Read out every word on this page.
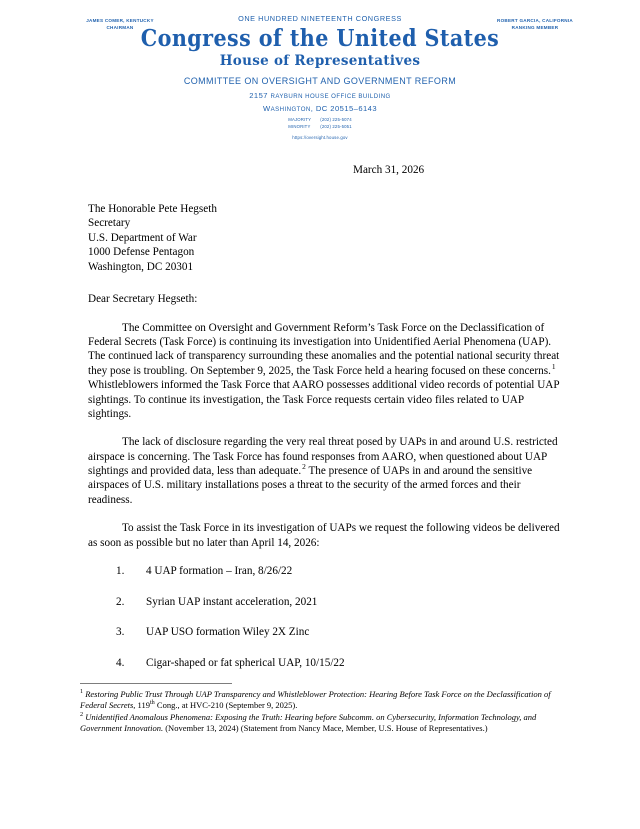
JAMES COMER, KENTUCKY
CHAIRMAN
ROBERT GARCIA, CALIFORNIA
RANKING MEMBER
ONE HUNDRED NINETEENTH CONGRESS
Congress of the United States
House of Representatives
COMMITTEE ON OVERSIGHT AND GOVERNMENT REFORM
2157 RAYBURN HOUSE OFFICE BUILDING
WASHINGTON, DC 20515–6143
MAJORITY (202) 225-5074
MINORITY (202) 225-5051
https://oversight.house.gov
March 31, 2026
The Honorable Pete Hegseth
Secretary
U.S. Department of War
1000 Defense Pentagon
Washington, DC 20301
Dear Secretary Hegseth:

The Committee on Oversight and Government Reform’s Task Force on the Declassification of Federal Secrets (Task Force) is continuing its investigation into Unidentified Aerial Phenomena (UAP). The continued lack of transparency surrounding these anomalies and the potential national security threat they pose is troubling. On September 9, 2025, the Task Force held a hearing focused on these concerns.$^1$ Whistleblowers informed the Task Force that AARO possesses additional video records of potential UAP sightings. To continue its investigation, the Task Force requests certain video files related to UAP sightings.

The lack of disclosure regarding the very real threat posed by UAPs in and around U.S. restricted airspace is concerning. The Task Force has found responses from AARO, when questioned about UAP sightings and provided data, less than adequate.$^2$ The presence of UAPs in and around the sensitive airspaces of U.S. military installations poses a threat to the security of the armed forces and their readiness.

To assist the Task Force in its investigation of UAPs we request the following videos be delivered as soon as possible but no later than April 14, 2026:

4 UAP formation – Iran, 8/26/22
Syrian UAP instant acceleration, 2021
UAP USO formation Wiley 2X Zinc
Cigar-shaped or fat spherical UAP, 10/15/22
$^1$ Restoring Public Trust Through UAP Transparency and Whistleblower Protection: Hearing Before Task Force on the Declassification of Federal Secrets, 119th Cong., at HVC-210 (September 9, 2025).
$^2$ Unidentified Anomalous Phenomena: Exposing the Truth: Hearing before Subcomm. on Cybersecurity, Information Technology, and Government Innovation. (November 13, 2024) (Statement from Nancy Mace, Member, U.S. House of Representatives.)
